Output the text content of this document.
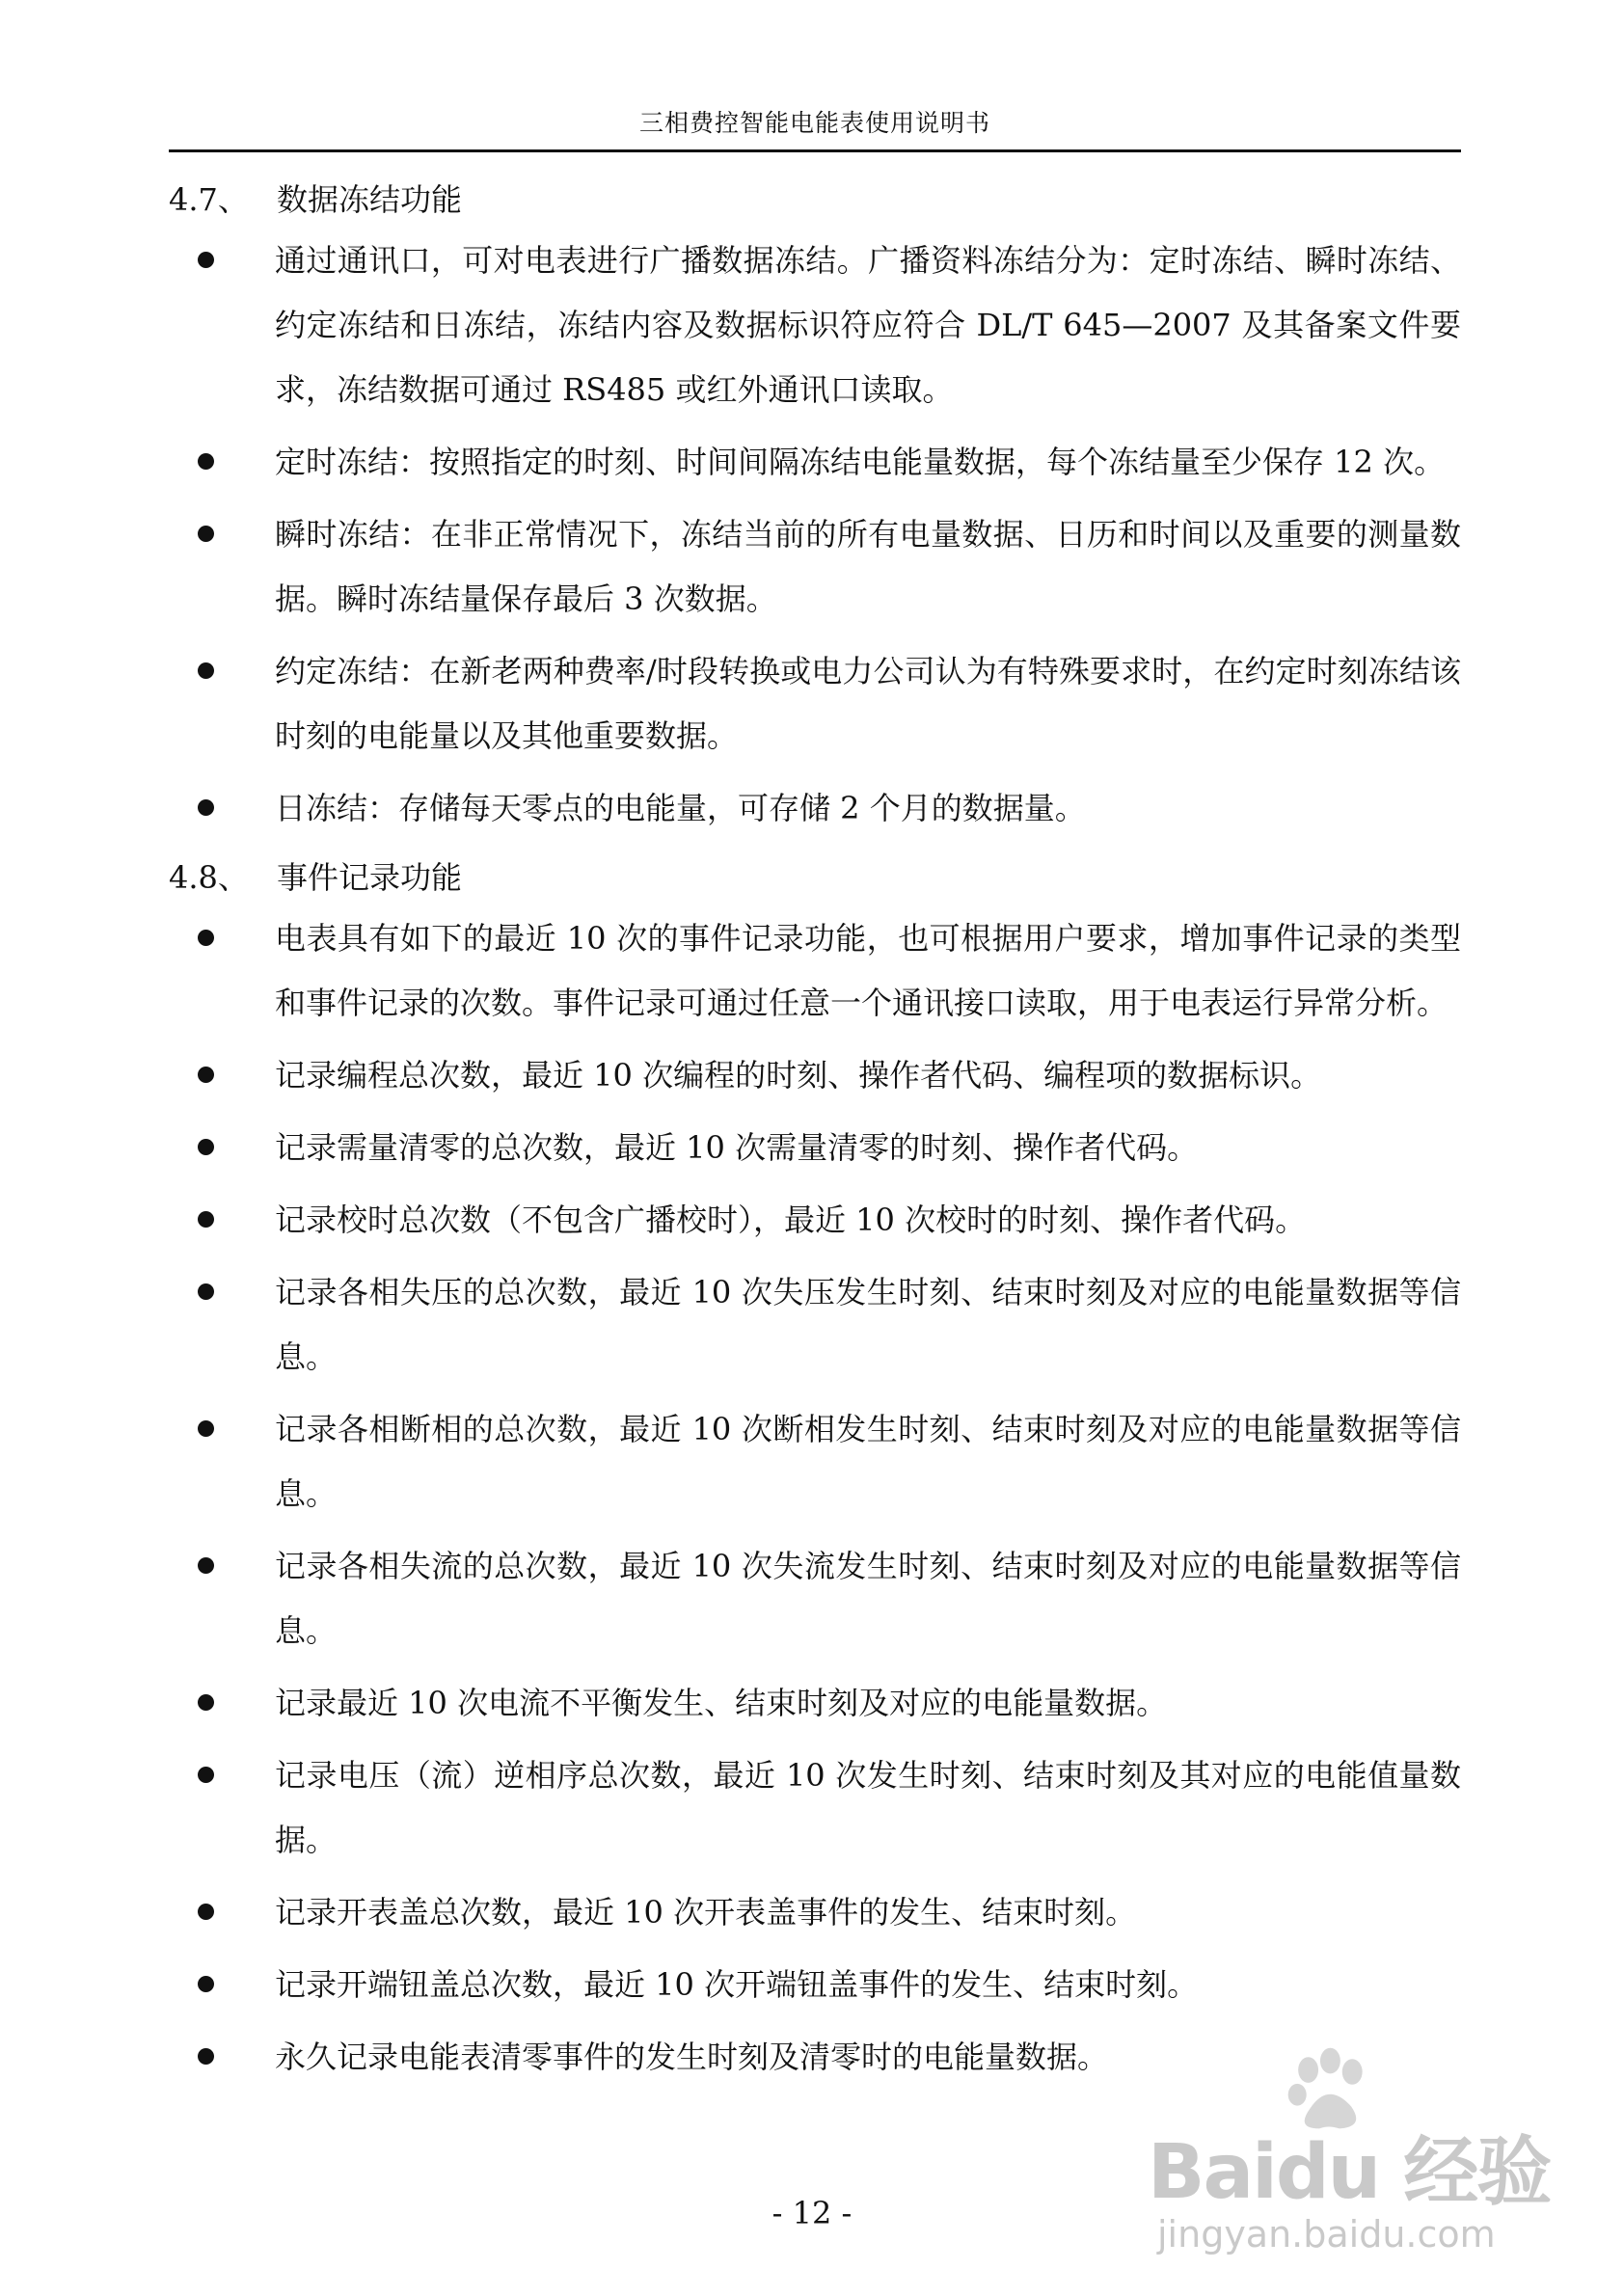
三相费控智能电能表使用说明书
4.7、 数据冻结功能
通过通讯口，可对电表进行广播数据冻结。广播资料冻结分为：定时冻结、瞬时冻结、约定冻结和日冻结，冻结内容及数据标识符应符合 DL/T 645—2007 及其备案文件要求，冻结数据可通过 RS485 或红外通讯口读取。
定时冻结：按照指定的时刻、时间间隔冻结电能量数据，每个冻结量至少保存 12 次。
瞬时冻结：在非正常情况下，冻结当前的所有电量数据、日历和时间以及重要的测量数据。瞬时冻结量保存最后 3 次数据。
约定冻结：在新老两种费率/时段转换或电力公司认为有特殊要求时，在约定时刻冻结该时刻的电能量以及其他重要数据。
日冻结：存储每天零点的电能量，可存储 2 个月的数据量。
4.8、 事件记录功能
电表具有如下的最近 10 次的事件记录功能，也可根据用户要求，增加事件记录的类型和事件记录的次数。事件记录可通过任意一个通讯接口读取，用于电表运行异常分析。
记录编程总次数，最近 10 次编程的时刻、操作者代码、编程项的数据标识。
记录需量清零的总次数，最近 10 次需量清零的时刻、操作者代码。
记录校时总次数（不包含广播校时），最近 10 次校时的时刻、操作者代码。
记录各相失压的总次数，最近 10 次失压发生时刻、结束时刻及对应的电能量数据等信息。
记录各相断相的总次数，最近 10 次断相发生时刻、结束时刻及对应的电能量数据等信息。
记录各相失流的总次数，最近 10 次失流发生时刻、结束时刻及对应的电能量数据等信息。
记录最近 10 次电流不平衡发生、结束时刻及对应的电能量数据。
记录电压（流）逆相序总次数，最近 10 次发生时刻、结束时刻及其对应的电能值量数据。
记录开表盖总次数，最近 10 次开表盖事件的发生、结束时刻。
记录开端钮盖总次数，最近 10 次开端钮盖事件的发生、结束时刻。
永久记录电能表清零事件的发生时刻及清零时的电能量数据。
- 12 -	Baidu 经验
jingyan.baidu.com
